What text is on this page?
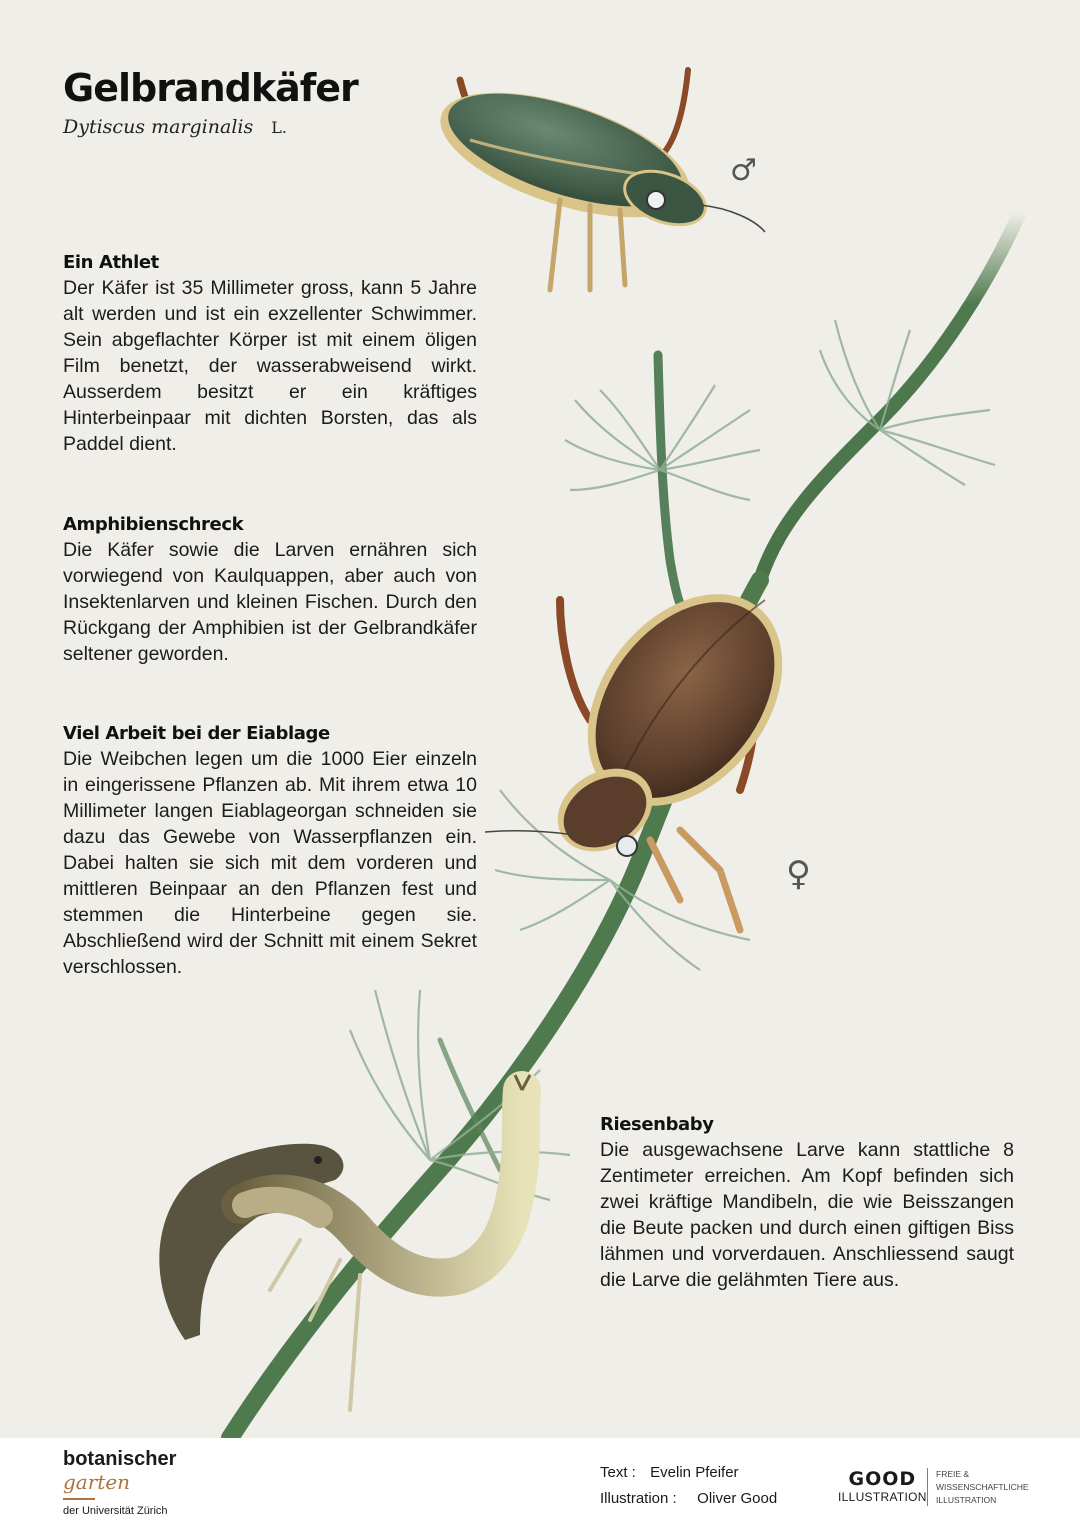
♂
♀
Gelbrandkäfer
Dytiscus marginalis L.
Ein Athlet

Der Käfer ist 35 Millimeter gross, kann 5 Jahre alt werden und ist ein exzellenter Schwimmer. Sein abgeflachter Körper ist mit einem öligen Film benetzt, der wasserabweisend wirkt. Ausserdem besitzt er ein kräftiges Hinterbeinpaar mit dichten Borsten, das als Paddel dient.

Amphibienschreck

Die Käfer sowie die Larven ernähren sich vorwiegend von Kaulquappen, aber auch von Insektenlarven und kleinen Fischen. Durch den Rückgang der Amphibien ist der Gelbrandkäfer seltener geworden.

Viel Arbeit bei der Eiablage

Die Weibchen legen um die 1000 Eier einzeln in eingerissene Pflanzen ab. Mit ihrem etwa 10 Millimeter langen Eiablageorgan schneiden sie dazu das Gewebe von Wasserpflanzen ein. Dabei halten sie sich mit dem vorderen und mittleren Beinpaar an den Pflanzen fest und stemmen die Hinterbeine gegen sie. Abschließend wird der Schnitt mit einem Sekret verschlossen.

Riesenbaby

Die ausgewachsene Larve kann stattliche 8 Zentimeter erreichen. Am Kopf befinden sich zwei kräftige Mandibeln, die wie Beisszangen die Beute packen und durch einen giftigen Biss lähmen und vorverdauen. Anschliessend saugt die Larve die gelähmten Tiere aus.

botanischer
garten
der Universität Zürich
Text : Evelin Pfeifer
Illustration : Oliver Good
GOOD
ILLUSTRATION
FREIE &
WISSENSCHAFTLICHE
ILLUSTRATION
